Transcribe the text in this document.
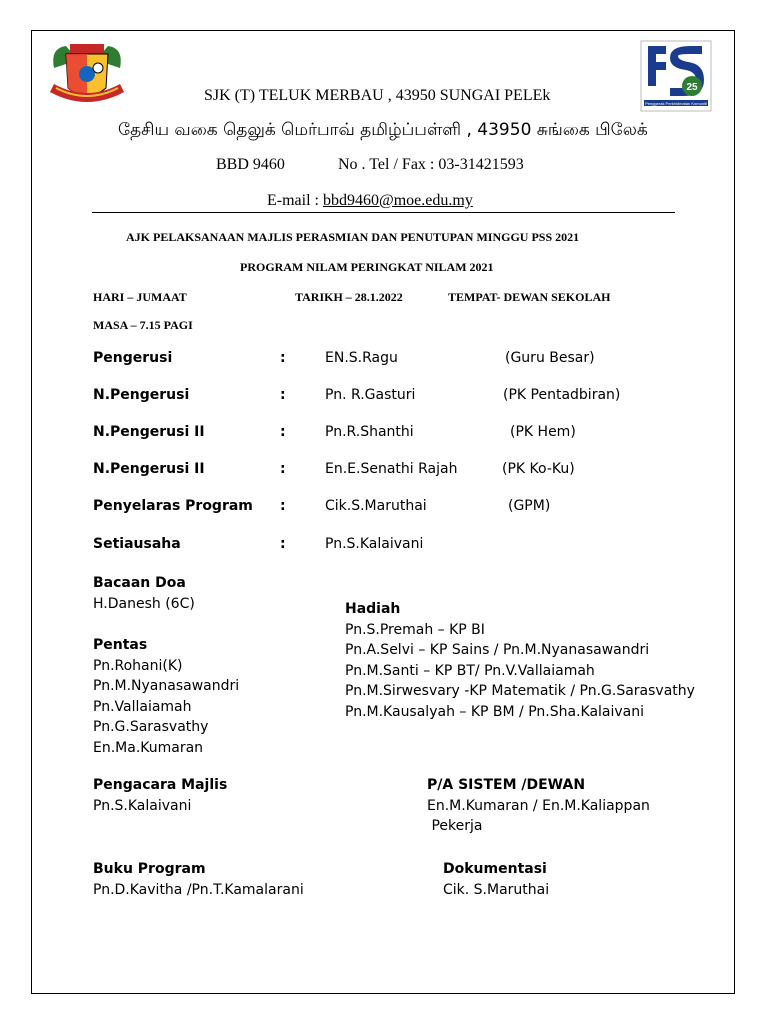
25
Penggerak Perkhidmatan Komuniti
SJK (T) TELUK MERBAU , 43950 SUNGAI PELEk
தேசிய வகை தெலுக் மெர்பாவ் தமிழ்ப்பள்ளி , 43950 சுங்கை பிலேக்
BBD 9460	No . Tel / Fax : 03-31421593
E-mail : bbd9460@moe.edu.my
AJK PELAKSANAAN MAJLIS PERASMIAN DAN PENUTUPAN MINGGU PSS 2021
PROGRAM NILAM PERINGKAT NILAM 2021
HARI – JUMAAT	TARIKH – 28.1.2022	TEMPAT- DEWAN SEKOLAH
MASA – 7.15 PAGI
Pengerusi	:	EN.S.Ragu	(Guru Besar)
N.Pengerusi	:	Pn. R.Gasturi	(PK Pentadbiran)
N.Pengerusi II	:	Pn.R.Shanthi	(PK Hem)
N.Pengerusi II	:	En.E.Senathi Rajah	(PK Ko-Ku)
Penyelaras Program :	Cik.S.Maruthai	(GPM)
Setiausaha	:	Pn.S.Kalaivani
Bacaan Doa
H.Danesh (6C)
Pentas
Pn.Rohani(K)
Pn.M.Nyanasawandri
Pn.Vallaiamah
Pn.G.Sarasvathy
En.Ma.Kumaran
Hadiah
Pn.S.Premah – KP BI
Pn.A.Selvi – KP Sains / Pn.M.Nyanasawandri
Pn.M.Santi – KP BT/ Pn.V.Vallaiamah
Pn.M.Sirwesvary -KP Matematik / Pn.G.Sarasvathy
Pn.M.Kausalyah – KP BM / Pn.Sha.Kalaivani
Pengacara Majlis
Pn.S.Kalaivani
P/A SISTEM /DEWAN
En.M.Kumaran / En.M.Kaliappan
Pekerja
Buku Program
Pn.D.Kavitha /Pn.T.Kamalarani
Dokumentasi
Cik. S.Maruthai
